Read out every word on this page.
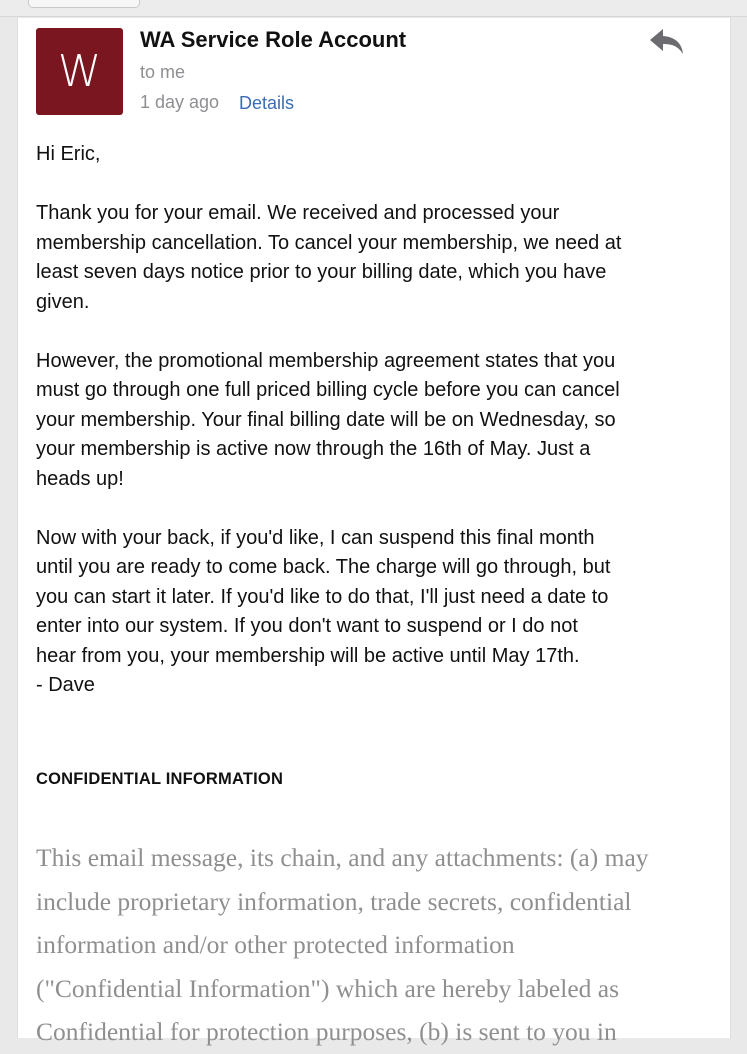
W
WA Service Role Account
to me
1 day ago Details

Hi Eric,

Thank you for your email. We received and processed your
membership cancellation. To cancel your membership, we need at
least seven days notice prior to your billing date, which you have
given.

However, the promotional membership agreement states that you
must go through one full priced billing cycle before you can cancel
your membership. Your final billing date will be on Wednesday, so
your membership is active now through the 16th of May. Just a
heads up!

Now with your back, if you'd like, I can suspend this final month
until you are ready to come back. The charge will go through, but
you can start it later. If you'd like to do that, I'll just need a date to
enter into our system. If you don't want to suspend or I do not
hear from you, your membership will be active until May 17th.
- Dave

CONFIDENTIAL INFORMATION
This email message, its chain, and any attachments: (a) may
include proprietary information, trade secrets, confidential
information and/or other protected information
("Confidential Information") which are hereby labeled as
Confidential for protection purposes, (b) is sent to you in
